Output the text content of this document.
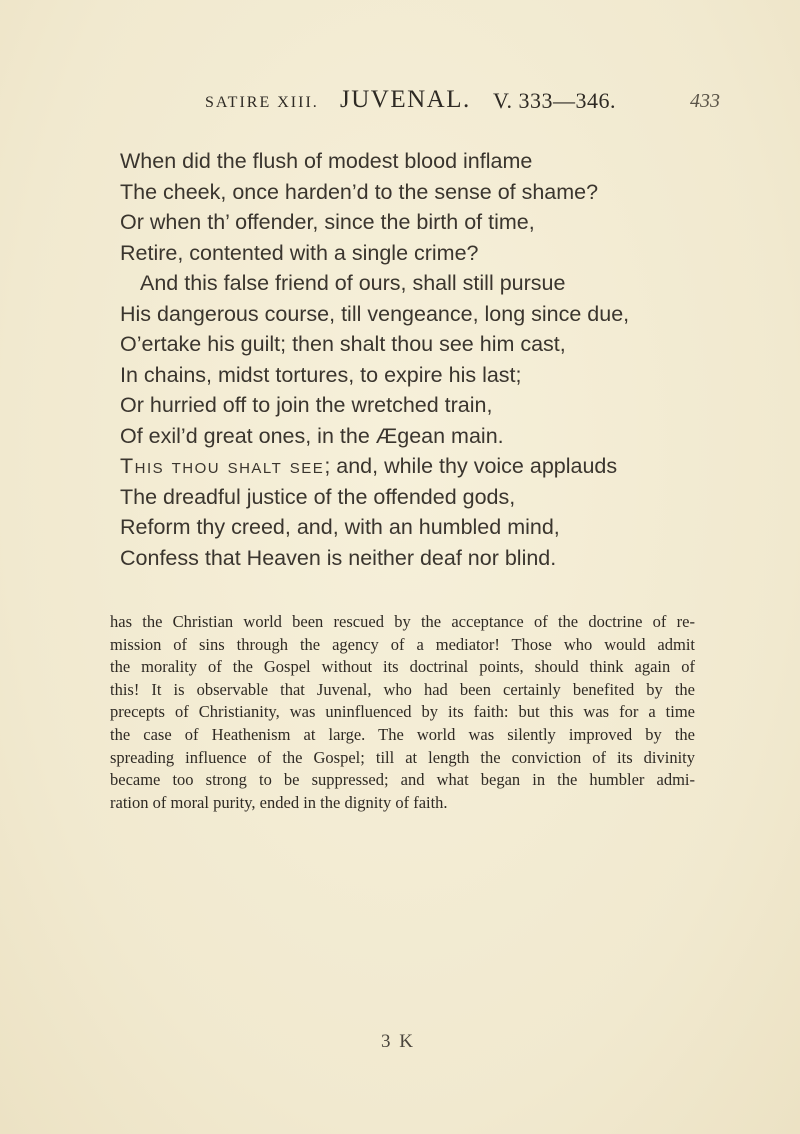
SATIRE XIII. JUVENAL. V. 333—346.	433
When did the flush of modest blood inflame
The cheek, once harden’d to the sense of shame?
Or when th’ offender, since the birth of time,
Retire, contented with a single crime?
And this false friend of ours, shall still pursue
His dangerous course, till vengeance, long since due,
O’ertake his guilt; then shalt thou see him cast,
In chains, midst tortures, to expire his last;
Or hurried off to join the wretched train,
Of exil’d great ones, in the Ægean main.
This thou shalt see; and, while thy voice applauds
The dreadful justice of the offended gods,
Reform thy creed, and, with an humbled mind,
Confess that Heaven is neither deaf nor blind.
has the Christian world been rescued by the acceptance of the doctrine of re-
mission of sins through the agency of a mediator! Those who would admit
the morality of the Gospel without its doctrinal points, should think again of
this! It is observable that Juvenal, who had been certainly benefited by the
precepts of Christianity, was uninfluenced by its faith: but this was for a time
the case of Heathenism at large. The world was silently improved by the
spreading influence of the Gospel; till at length the conviction of its divinity
became too strong to be suppressed; and what began in the humbler admi-
ration of moral purity, ended in the dignity of faith.
3 K
